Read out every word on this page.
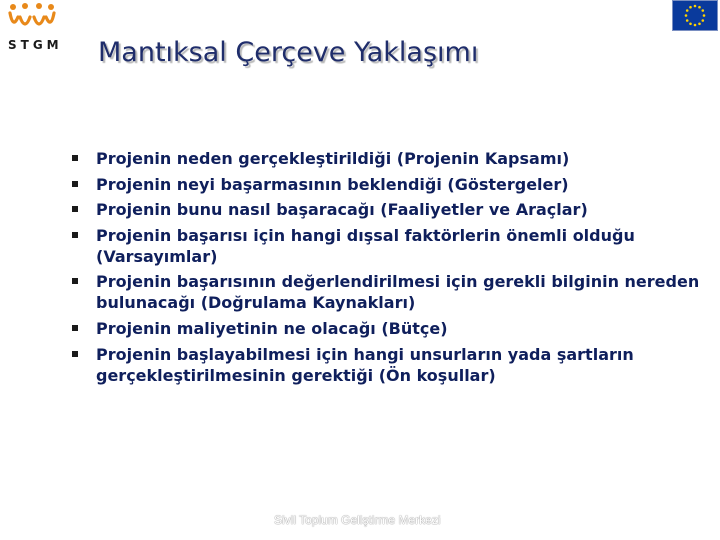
STGM Mantıksal Çerçeve Yaklaşımı
Projenin neden gerçekleştirildiği (Projenin Kapsamı)
Projenin neyi başarmasının beklendiği (Göstergeler)
Projenin bunu nasıl başaracağı (Faaliyetler ve Araçlar)
Projenin başarısı için hangi dışsal faktörlerin önemli olduğu (Varsayımlar)
Projenin başarısının değerlendirilmesi için gerekli bilginin nereden bulunacağı (Doğrulama Kaynakları)
Projenin maliyetinin ne olacağı (Bütçe)
Projenin başlayabilmesi için hangi unsurların yada şartların gerçekleştirilmesinin gerektiği (Ön koşullar)
Sivil Toplum Geliştirme Merkezi
